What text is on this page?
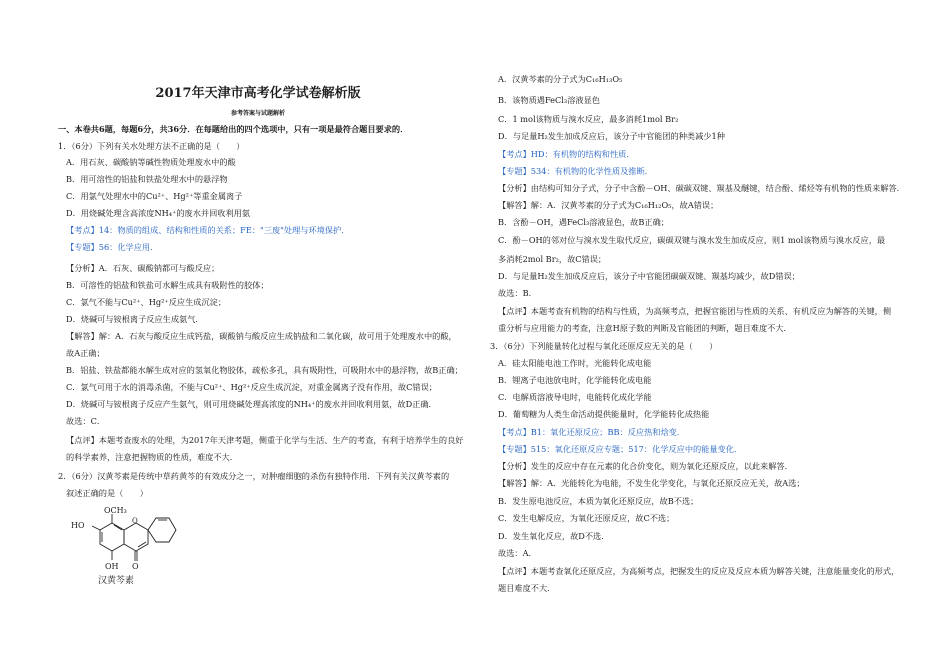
2017年天津市高考化学试卷解析版
参考答案与试题解析
一、本卷共6题，每题6分，共36分．在每题给出的四个选项中，只有一项是最符合题目要求的．
1．（6分）下列有关水处理方法不正确的是（　　）
A．用石灰、碳酸钠等碱性物质处理废水中的酸
B．用可溶性的铝盐和铁盐处理水中的悬浮物
C．用氯气处理水中的Cu²⁺、Hg²⁺等重金属离子
D．用烧碱处理含高浓度NH₄⁺的废水并回收利用氨
【考点】14：物质的组成、结构和性质的关系；FE："三废"处理与环境保护．
【专题】56：化学应用．
【分析】A．石灰、碳酸钠都可与酸反应；
B．可溶性的铝盐和铁盐可水解生成具有吸附性的胶体；
C．氯气不能与Cu²⁺、Hg²⁺反应生成沉淀；
D．烧碱可与铵根离子反应生成氨气．
【解答】解：A．石灰与酸反应生成钙盐，碳酸钠与酸反应生成钠盐和二氧化碳，故可用于处理废水中的酸，
故A正确；
B．铝盐、铁盐都能水解生成对应的氢氧化物胶体，疏松多孔，具有吸附性，可吸附水中的悬浮物，故B正确；
C．氯气可用于水的消毒杀菌，不能与Cu²⁺、Hg²⁺反应生成沉淀，对重金属离子没有作用，故C错误；
D．烧碱可与铵根离子反应产生氨气，则可用烧碱处理高浓度的NH₄⁺的废水并回收利用氨，故D正确．
故选：C．
【点评】本题考查废水的处理，为2017年天津考题，侧重于化学与生活、生产的考查，有利于培养学生的良好
的科学素养，注意把握物质的性质，难度不大．
2．（6分）汉黄芩素是传统中草药黄芩的有效成分之一，对肿瘤细胞的杀伤有独特作用．下列有关汉黄芩素的
叙述正确的是（　　）
OCH₃
HO
OH O
O
汉黄芩素
A．汉黄芩素的分子式为C₁₆H₁₃O₅
B．该物质遇FeCl₃溶液显色
C．1 mol该物质与溴水反应，最多消耗1mol Br₂
D．与足量H₂发生加成反应后，该分子中官能团的种类减少1种
【考点】HD：有机物的结构和性质．
【专题】534：有机物的化学性质及推断．
【分析】由结构可知分子式，分子中含酚－OH、碳碳双键、羰基及醚键，结合酚、烯烃等有机物的性质来解答．
【解答】解：A．汉黄芩素的分子式为C₁₆H₁₂O₅，故A错误；
B．含酚－OH，遇FeCl₃溶液显色，故B正确；
C．酚－OH的邻对位与溴水发生取代反应，碳碳双键与溴水发生加成反应，则1 mol该物质与溴水反应，最
多消耗2mol Br₂，故C错误；
D．与足量H₂发生加成反应后，该分子中官能团碳碳双键、羰基均减少，故D错误；
故选：B．
【点评】本题考查有机物的结构与性质，为高频考点，把握官能团与性质的关系、有机反应为解答的关键，侧
重分析与应用能力的考查，注意H原子数的判断及官能团的判断，题目难度不大．
3．（6分）下列能量转化过程与氧化还原反应无关的是（　　）
A．硅太阳能电池工作时，光能转化成电能
B．锂离子电池放电时，化学能转化成电能
C．电解质溶液导电时，电能转化成化学能
D．葡萄糖为人类生命活动提供能量时，化学能转化成热能
【考点】B1：氧化还原反应；BB：反应热和焓变．
【专题】515：氧化还原反应专题；517：化学反应中的能量变化．
【分析】发生的反应中存在元素的化合价变化，则为氧化还原反应，以此来解答．
【解答】解：A．光能转化为电能，不发生化学变化，与氧化还原反应无关，故A选；
B．发生原电池反应，本质为氧化还原反应，故B不选；
C．发生电解反应，为氧化还原反应，故C不选；
D．发生氧化反应，故D不选．
故选：A．
【点评】本题考查氧化还原反应，为高频考点，把握发生的反应及反应本质为解答关键，注意能量变化的形式，
题目难度不大．
